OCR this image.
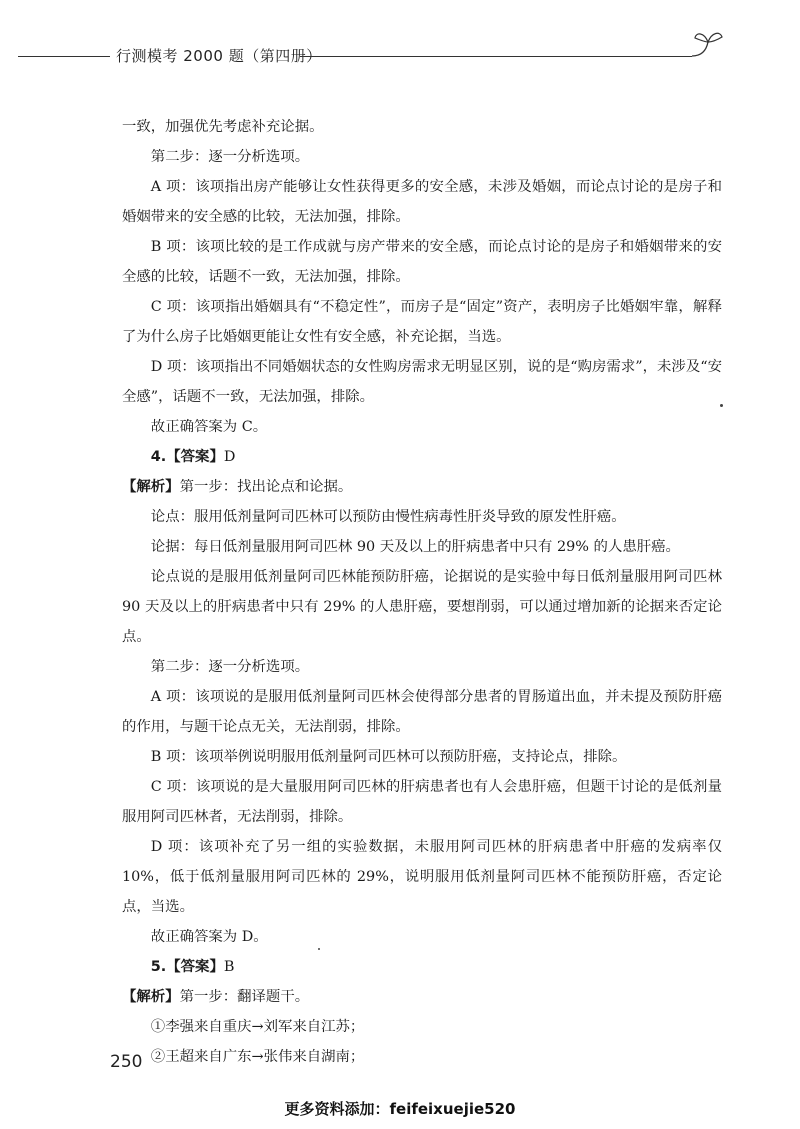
行测模考 2000 题（第四册）

一致，加强优先考虑补充论据。

第二步：逐一分析选项。

A 项：该项指出房产能够让女性获得更多的安全感，未涉及婚姻，而论点讨论的是房子和婚姻带来的安全感的比较，无法加强，排除。

B 项：该项比较的是工作成就与房产带来的安全感，而论点讨论的是房子和婚姻带来的安全感的比较，话题不一致，无法加强，排除。

C 项：该项指出婚姻具有“不稳定性”，而房子是“固定”资产，表明房子比婚姻牢靠，解释了为什么房子比婚姻更能让女性有安全感，补充论据，当选。

D 项：该项指出不同婚姻状态的女性购房需求无明显区别，说的是“购房需求”，未涉及“安全感”，话题不一致，无法加强，排除。

故正确答案为 C。

4.【答案】D

【解析】第一步：找出论点和论据。

论点：服用低剂量阿司匹林可以预防由慢性病毒性肝炎导致的原发性肝癌。

论据：每日低剂量服用阿司匹林 90 天及以上的肝病患者中只有 29% 的人患肝癌。

论点说的是服用低剂量阿司匹林能预防肝癌，论据说的是实验中每日低剂量服用阿司匹林 90 天及以上的肝病患者中只有 29% 的人患肝癌，要想削弱，可以通过增加新的论据来否定论点。

第二步：逐一分析选项。

A 项：该项说的是服用低剂量阿司匹林会使得部分患者的胃肠道出血，并未提及预防肝癌的作用，与题干论点无关，无法削弱，排除。

B 项：该项举例说明服用低剂量阿司匹林可以预防肝癌，支持论点，排除。

C 项：该项说的是大量服用阿司匹林的肝病患者也有人会患肝癌，但题干讨论的是低剂量服用阿司匹林者，无法削弱，排除。

D 项：该项补充了另一组的实验数据，未服用阿司匹林的肝病患者中肝癌的发病率仅 10%，低于低剂量服用阿司匹林的 29%，说明服用低剂量阿司匹林不能预防肝癌，否定论点，当选。

故正确答案为 D。

5.【答案】B

【解析】第一步：翻译题干。

①李强来自重庆→刘军来自江苏；

②王超来自广东→张伟来自湖南；

250
更多资料添加：feifeixuejie520
